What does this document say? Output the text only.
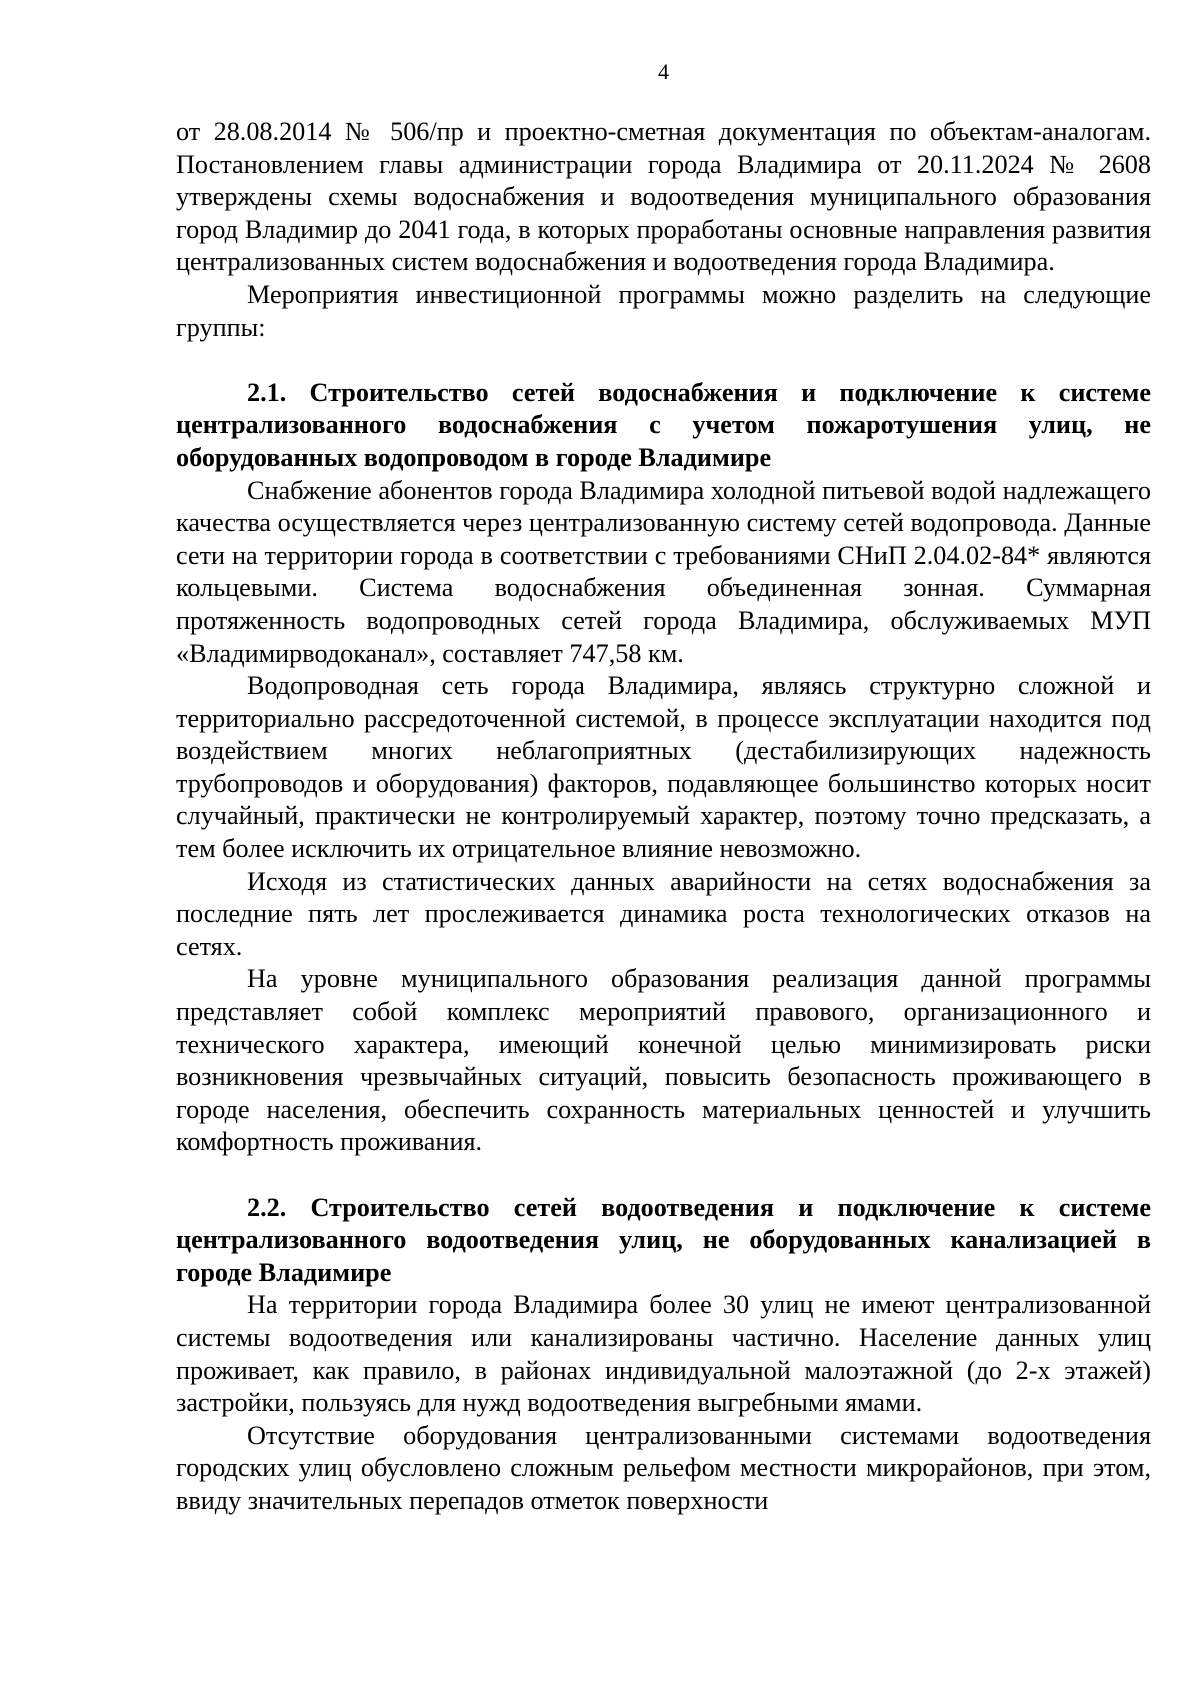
4

от 28.08.2014 № 506/пр и проектно-сметная документация по объектам-аналогам. Постановлением главы администрации города Владимира от 20.11.2024 № 2608 утверждены схемы водоснабжения и водоотведения муниципального образования город Владимир до 2041 года, в которых проработаны основные направления развития централизованных систем водоснабжения и водоотведения города Владимира.

Мероприятия инвестиционной программы можно разделить на следующие группы:

2.1. Строительство сетей водоснабжения и подключение к системе централизованного водоснабжения с учетом пожаротушения улиц, не оборудованных водопроводом в городе Владимире

Снабжение абонентов города Владимира холодной питьевой водой надлежащего качества осуществляется через централизованную систему сетей водопровода. Данные сети на территории города в соответствии с требованиями СНиП 2.04.02-84* являются кольцевыми. Система водоснабжения объединенная зонная. Суммарная протяженность водопроводных сетей города Владимира, обслуживаемых МУП «Владимирводоканал», составляет 747,58 км.

Водопроводная сеть города Владимира, являясь структурно сложной и территориально рассредоточенной системой, в процессе эксплуатации находится под воздействием многих неблагоприятных (дестабилизирующих надежность трубопроводов и оборудования) факторов, подавляющее большинство которых носит случайный, практически не контролируемый характер, поэтому точно предсказать, а тем более исключить их отрицательное влияние невозможно.

Исходя из статистических данных аварийности на сетях водоснабжения за последние пять лет прослеживается динамика роста технологических отказов на сетях.

На уровне муниципального образования реализация данной программы представляет собой комплекс мероприятий правового, организационного и технического характера, имеющий конечной целью минимизировать риски возникновения чрезвычайных ситуаций, повысить безопасность проживающего в городе населения, обеспечить сохранность материальных ценностей и улучшить комфортность проживания.

2.2. Строительство сетей водоотведения и подключение к системе централизованного водоотведения улиц, не оборудованных канализацией в городе Владимире

На территории города Владимира более 30 улиц не имеют централизованной системы водоотведения или канализированы частично. Население данных улиц проживает, как правило, в районах индивидуальной малоэтажной (до 2-х этажей) застройки, пользуясь для нужд водоотведения выгребными ямами.

Отсутствие оборудования централизованными системами водоотведения городских улиц обусловлено сложным рельефом местности микрорайонов, при этом, ввиду значительных перепадов отметок поверхности
